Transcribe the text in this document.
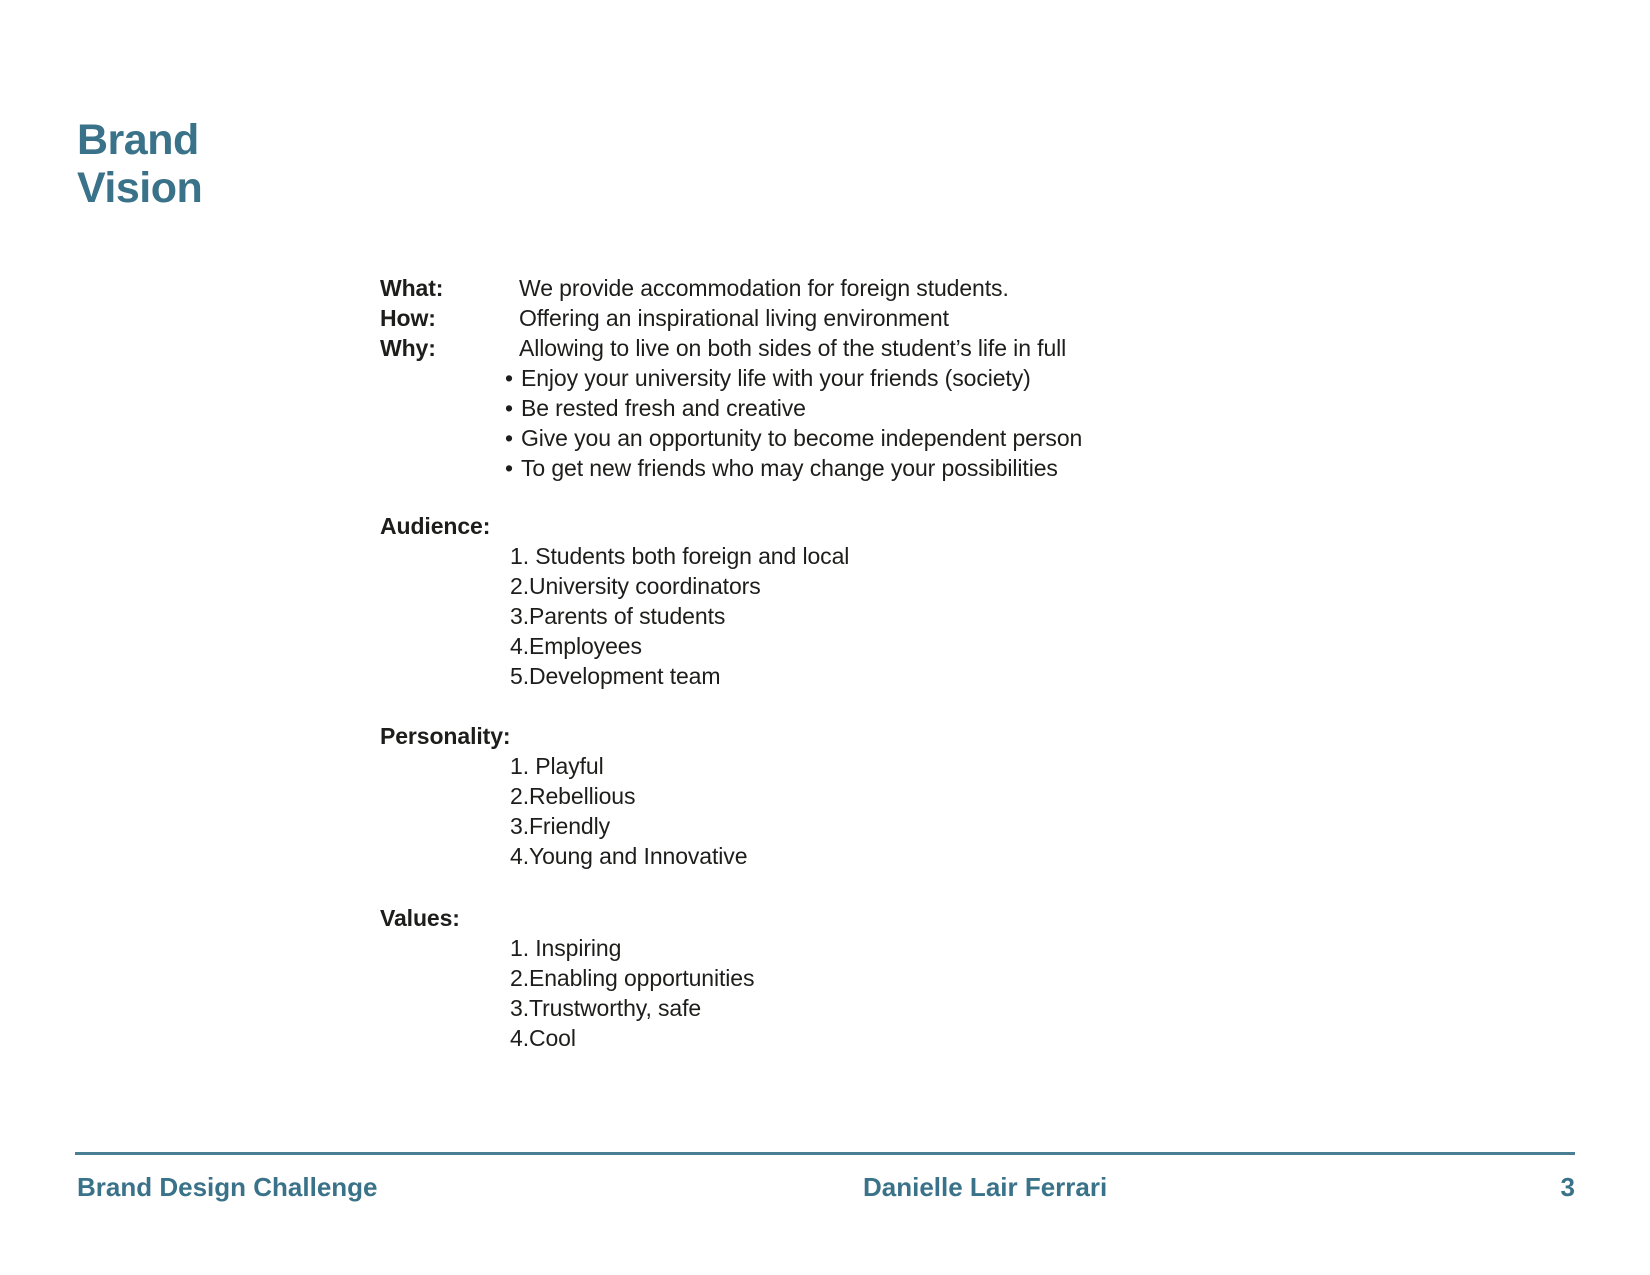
Brand
Vision
What:	We provide accommodation for foreign students.
How:	Offering an inspirational living environment
Why:	Allowing to live on both sides of the student’s life in full
• Enjoy your university life with your friends (society)
• Be rested fresh and creative
• Give you an opportunity to become independent person
• To get new friends who may change your possibilities
Audience:
1. Students both foreign and local
2.University coordinators
3.Parents of students
4.Employees
5.Development team
Personality:
1. Playful
2.Rebellious
3.Friendly
4.Young and Innovative
Values:
1. Inspiring
2.Enabling opportunities
3.Trustworthy, safe
4.Cool
Brand Design Challenge	Danielle Lair Ferrari	3
